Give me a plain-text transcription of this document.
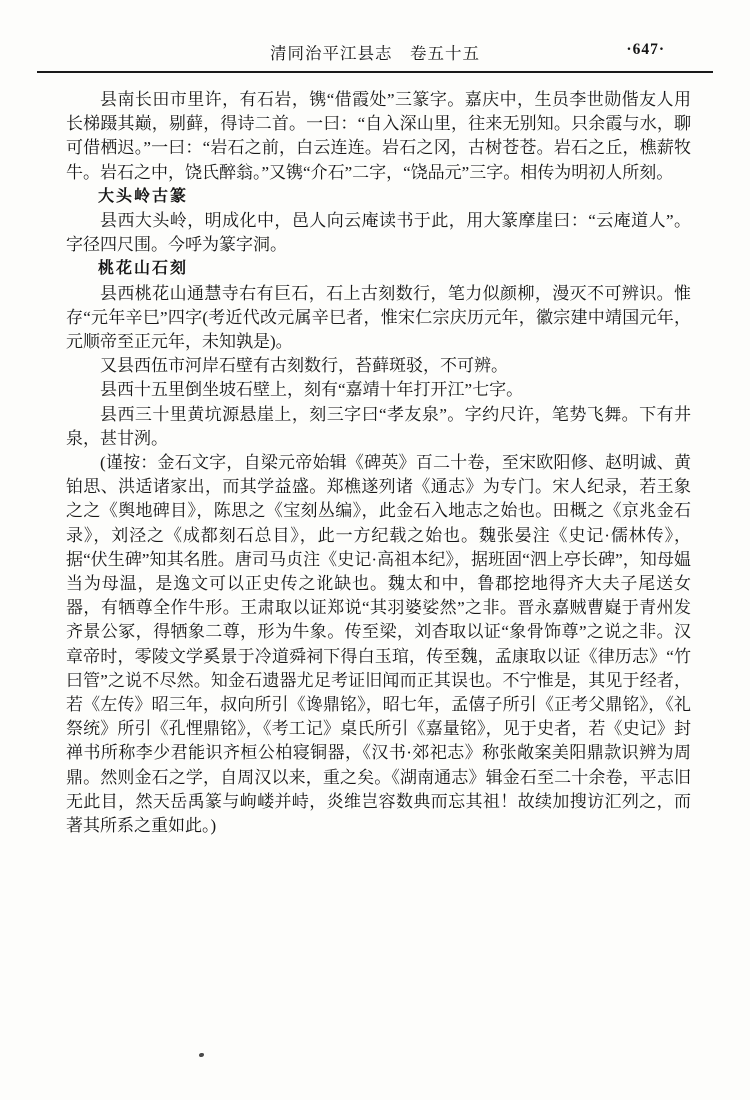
清同治平江县志　卷五十五	·647·

县南长田市里许，有石岩，镌“借霞处”三篆字。嘉庆中，生员李世勋偕友人用长梯蹑其巅，剔藓，得诗二首。一曰：“自入深山里，往来无别知。只余霞与水，聊可借栖迟。”一曰：“岩石之前，白云连连。岩石之冈，古树苍苍。岩石之丘，樵薪牧牛。岩石之中，饶氏醉翁。”又镌“介石”二字，“饶品元”三字。相传为明初人所刻。

大头岭古篆

县西大头岭，明成化中，邑人向云庵读书于此，用大篆摩崖曰：“云庵道人”。字径四尺围。今呼为篆字洞。

桃花山石刻

县西桃花山通慧寺右有巨石，石上古刻数行，笔力似颜柳，漫灭不可辨识。惟存“元年辛巳”四字(考近代改元属辛巳者，惟宋仁宗庆历元年，徽宗建中靖国元年，元顺帝至正元年，未知孰是)。

又县西伍市河岸石壁有古刻数行，苔藓斑驳，不可辨。

县西十五里倒坐坡石壁上，刻有“嘉靖十年打开江”七字。

县西三十里黄坑源悬崖上，刻三字曰“孝友泉”。字约尺许，笔势飞舞。下有井泉，甚甘洌。

(谨按：金石文字，自梁元帝始辑《碑英》百二十卷，至宋欧阳修、赵明诚、黄铂思、洪适诸家出，而其学益盛。郑樵遂列诸《通志》为专门。宋人纪录，若王象之之《舆地碑目》，陈思之《宝刻丛编》，此金石入地志之始也。田概之《京兆金石录》，刘泾之《成都刻石总目》，此一方纪载之始也。魏张晏注《史记·儒林传》，据“伏生碑”知其名胜。唐司马贞注《史记·高祖本纪》，据班固“泗上亭长碑”，知母媪当为母温，是逸文可以正史传之讹缺也。魏太和中，鲁郡挖地得齐大夫子尾送女器，有牺尊全作牛形。王肃取以证郑说“其羽婆娑然”之非。晋永嘉贼曹嶷于青州发齐景公冢，得牺象二尊，形为牛象。传至梁，刘杳取以证“象骨饰尊”之说之非。汉章帝时，零陵文学奚景于冷道舜祠下得白玉琯，传至魏，孟康取以证《律历志》“竹曰管”之说不尽然。知金石遗器尤足考证旧闻而正其误也。不宁惟是，其见于经者，若《左传》昭三年，叔向所引《谗鼎铭》，昭七年，孟僖子所引《正考父鼎铭》，《礼祭统》所引《孔悝鼎铭》，《考工记》桌氏所引《嘉量铭》，见于史者，若《史记》封禅书所称李少君能识齐桓公柏寝铜器，《汉书·郊祀志》称张敞案美阳鼎款识辨为周鼎。然则金石之学，自周汉以来，重之矣。《湖南通志》辑金石至二十余卷，平志旧无此目，然天岳禹篆与岣嵝并峙，炎维岂容数典而忘其祖！故续加搜访汇列之，而著其所系之重如此。)
